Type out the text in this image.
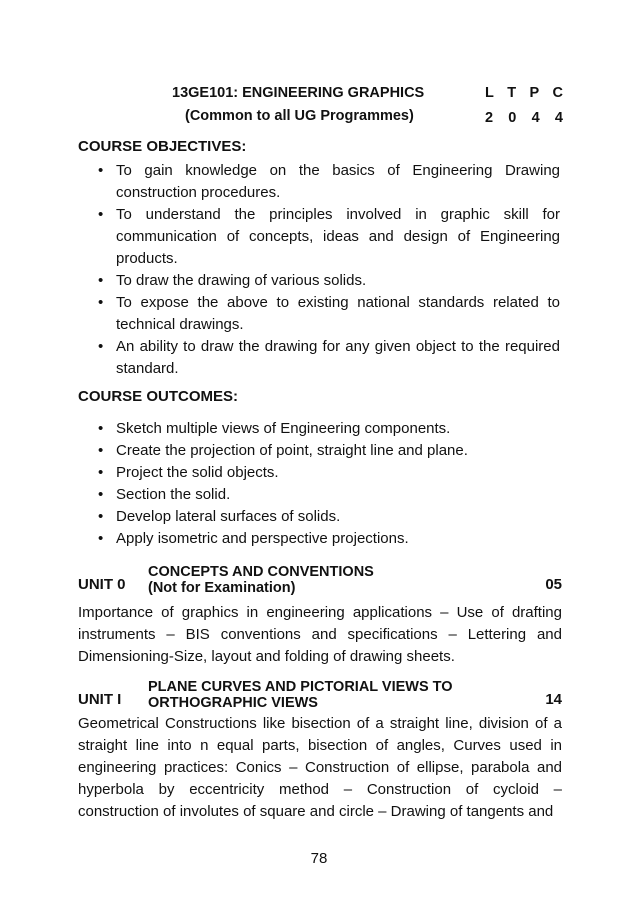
13GE101: ENGINEERING GRAPHICS
(Common to all UG Programmes)
L T P C
2 0 4 4
COURSE OBJECTIVES:
• To gain knowledge on the basics of Engineering Drawing construction procedures.
• To understand the principles involved in graphic skill for communication of concepts, ideas and design of Engineering products.
• To draw the drawing of various solids.
• To expose the above to existing national standards related to technical drawings.
• An ability to draw the drawing for any given object to the required standard.
COURSE OUTCOMES:
• Sketch multiple views of Engineering components.
• Create the projection of point, straight line and plane.
• Project the solid objects.
• Section the solid.
• Develop lateral surfaces of solids.
• Apply isometric and perspective projections.
UNIT 0
CONCEPTS AND CONVENTIONS
(Not for Examination)	05

Importance of graphics in engineering applications – Use of drafting instruments – BIS conventions and specifications – Lettering and Dimensioning-Size, layout and folding of drawing sheets.

UNIT I
PLANE CURVES AND PICTORIAL VIEWS TO
ORTHOGRAPHIC VIEWS	14

Geometrical Constructions like bisection of a straight line, division of a straight line into n equal parts, bisection of angles, Curves used in engineering practices: Conics – Construction of ellipse, parabola and hyperbola by eccentricity method – Construction of cycloid – construction of involutes of square and circle – Drawing of tangents and

78
